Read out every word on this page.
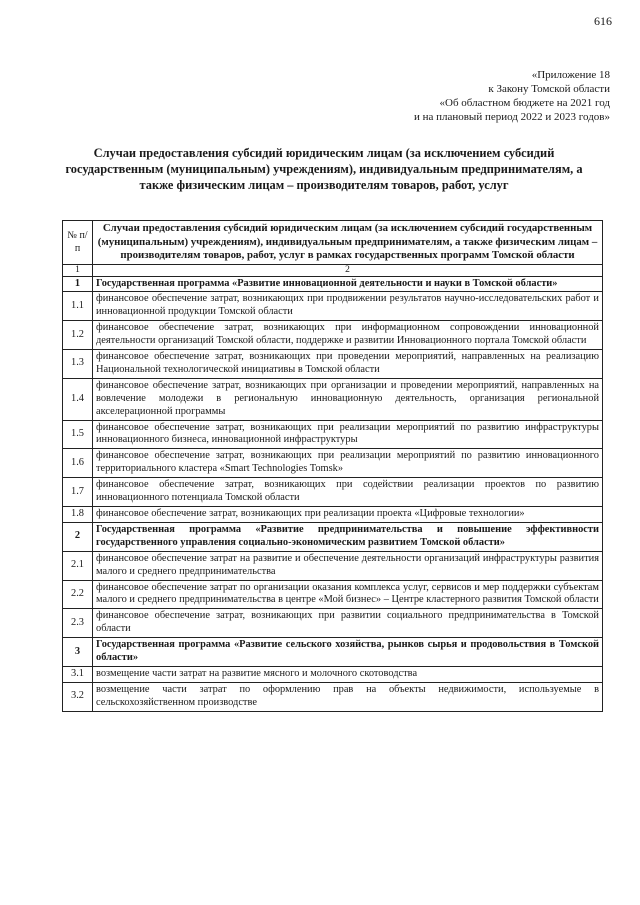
616
«Приложение 18
к Закону Томской области
«Об областном бюджете на 2021 год
и на плановый период 2022 и 2023 годов»
Случаи предоставления субсидий юридическим лицам (за исключением субсидий государственным (муниципальным) учреждениям), индивидуальным предпринимателям, а также физическим лицам – производителям товаров, работ, услуг
№ п/п	Случаи предоставления субсидий юридическим лицам (за исключением субсидий государственным (муниципальным) учреждениям), индивидуальным предпринимателям, а также физическим лицам – производителям товаров, работ, услуг в рамках государственных программ Томской области
1	2
1	Государственная программа «Развитие инновационной деятельности и науки в Томской области»
1.1	финансовое обеспечение затрат, возникающих при продвижении результатов научно-исследовательских работ и инновационной продукции Томской области
1.2	финансовое обеспечение затрат, возникающих при информационном сопровождении инновационной деятельности организаций Томской области, поддержке и развитии Инновационного портала Томской области
1.3	финансовое обеспечение затрат, возникающих при проведении мероприятий, направленных на реализацию Национальной технологической инициативы в Томской области
1.4	финансовое обеспечение затрат, возникающих при организации и проведении мероприятий, направленных на вовлечение молодежи в региональную инновационную деятельность, организация региональной акселерационной программы
1.5	финансовое обеспечение затрат, возникающих при реализации мероприятий по развитию инфраструктуры инновационного бизнеса, инновационной инфраструктуры
1.6	финансовое обеспечение затрат, возникающих при реализации мероприятий по развитию инновационного территориального кластера «Smart Technologies Tomsk»
1.7	финансовое обеспечение затрат, возникающих при содействии реализации проектов по развитию инновационного потенциала Томской области
1.8	финансовое обеспечение затрат, возникающих при реализации проекта «Цифровые технологии»
2	Государственная программа «Развитие предпринимательства и повышение эффективности государственного управления социально-экономическим развитием Томской области»
2.1	финансовое обеспечение затрат на развитие и обеспечение деятельности организаций инфраструктуры развития малого и среднего предпринимательства
2.2	финансовое обеспечение затрат по организации оказания комплекса услуг, сервисов и мер поддержки субъектам малого и среднего предпринимательства в центре «Мой бизнес» – Центре кластерного развития Томской области
2.3	финансовое обеспечение затрат, возникающих при развитии социального предпринимательства в Томской области
3	Государственная программа «Развитие сельского хозяйства, рынков сырья и продовольствия в Томской области»
3.1	возмещение части затрат на развитие мясного и молочного скотоводства
3.2	возмещение части затрат по оформлению прав на объекты недвижимости, используемые в сельскохозяйственном производстве
